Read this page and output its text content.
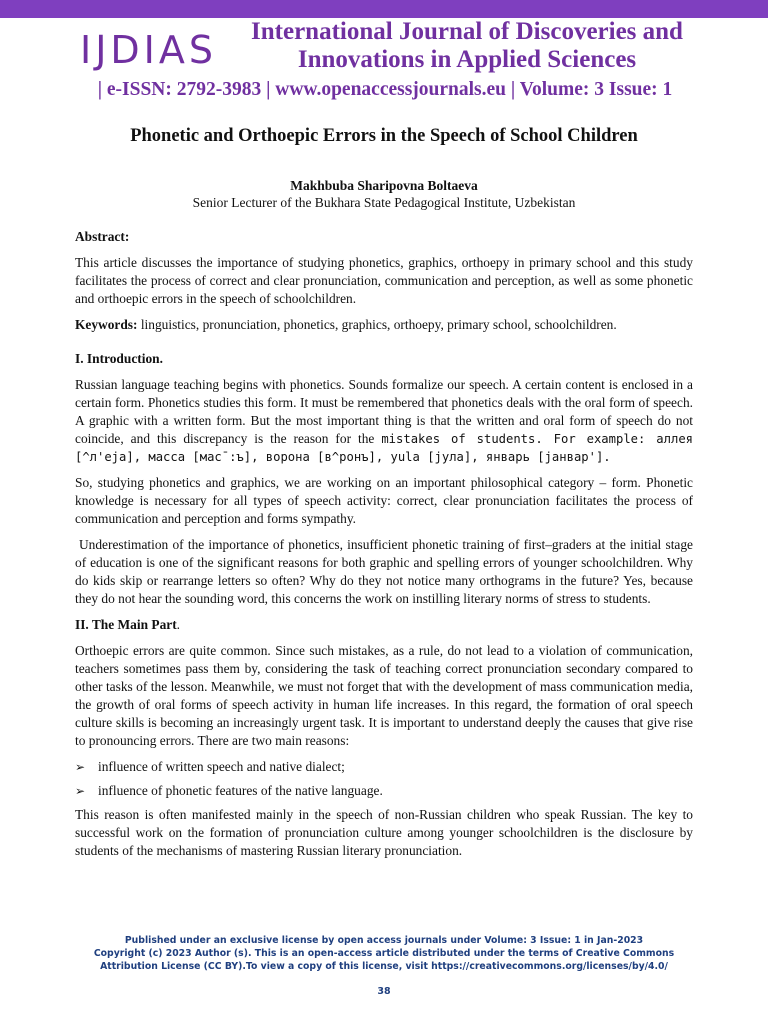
IJDIAS	International Journal of Discoveries and
Innovations in Applied Sciences
| e-ISSN: 2792-3983 | www.openaccessjournals.eu | Volume: 3 Issue: 1
Phonetic and Orthoepic Errors in the Speech of School Children
Makhbuba Sharipovna Boltaeva
Senior Lecturer of the Bukhara State Pedagogical Institute, Uzbekistan
Abstract:

This article discusses the importance of studying phonetics, graphics, orthoepy in primary school and this study facilitates the process of correct and clear pronunciation, communication and perception, as well as some phonetic and orthoepic errors in the speech of schoolchildren.

Keywords: linguistics, pronunciation, phonetics, graphics, orthoepy, primary school, schoolchildren.

I. Introduction.

Russian language teaching begins with phonetics. Sounds formalize our speech. A certain content is enclosed in a certain form. Phonetics studies this form. It must be remembered that phonetics deals with the oral form of speech. A graphic with a written form. But the most important thing is that the written and oral form of speech do not coincide, and this discrepancy is the reason for the mistakes of students. For example: аллея [^л'еja], масса [мас¯:ъ], ворона [в^ронъ], yula [jулa], январь [jанвар'].

So, studying phonetics and graphics, we are working on an important philosophical category – form. Phonetic knowledge is necessary for all types of speech activity: correct, clear pronunciation facilitates the process of communication and perception and forms sympathy.

Underestimation of the importance of phonetics, insufficient phonetic training of first–graders at the initial stage of education is one of the significant reasons for both graphic and spelling errors of younger schoolchildren. Why do kids skip or rearrange letters so often? Why do they not notice many orthograms in the future? Yes, because they do not hear the sounding word, this concerns the work on instilling literary norms of stress to students.

II. The Main Part.

Orthoepic errors are quite common. Since such mistakes, as a rule, do not lead to a violation of communication, teachers sometimes pass them by, considering the task of teaching correct pronunciation secondary compared to other tasks of the lesson. Meanwhile, we must not forget that with the development of mass communication media, the growth of oral forms of speech activity in human life increases. In this regard, the formation of oral speech culture skills is becoming an increasingly urgent task. It is important to understand deeply the causes that give rise to pronouncing errors. There are two main reasons:

➢ influence of written speech and native dialect;
➢ influence of phonetic features of the native language.

This reason is often manifested mainly in the speech of non-Russian children who speak Russian. The key to successful work on the formation of pronunciation culture among younger schoolchildren is the disclosure by students of the mechanisms of mastering Russian literary pronunciation.

Published under an exclusive license by open access journals under Volume: 3 Issue: 1 in Jan-2023
Copyright (c) 2023 Author (s). This is an open-access article distributed under the terms of Creative Commons
Attribution License (CC BY).To view a copy of this license, visit https://creativecommons.org/licenses/by/4.0/
38
